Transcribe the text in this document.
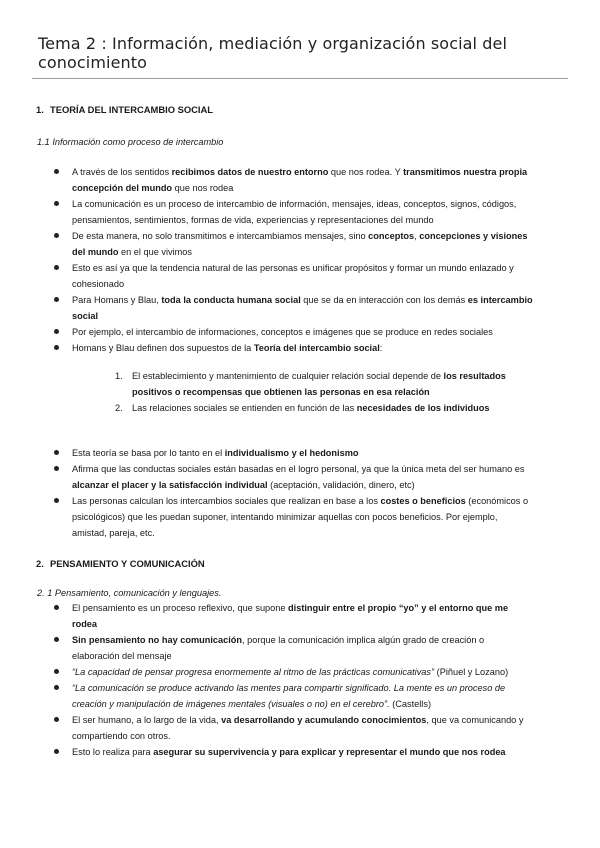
Tema 2 : Información, mediación y organización social del conocimiento
1. TEORÍA DEL INTERCAMBIO SOCIAL
1.1 Información como proceso de intercambio
A través de los sentidos recibimos datos de nuestro entorno que nos rodea. Y transmitimos nuestra propia concepción del mundo que nos rodea
La comunicación es un proceso de intercambio de información, mensajes, ideas, conceptos, signos, códigos, pensamientos, sentimientos, formas de vida, experiencias y representaciones del mundo
De esta manera, no solo transmitimos e intercambiamos mensajes, sino conceptos, concepciones y visiones del mundo en el que vivimos
Esto es así ya que la tendencia natural de las personas es unificar propósitos y formar un mundo enlazado y cohesionado
Para Homans y Blau, toda la conducta humana social que se da en interacción con los demás es intercambio social
Por ejemplo, el intercambio de informaciones, conceptos e imágenes que se produce en redes sociales
Homans y Blau definen dos supuestos de la Teoría del intercambio social:
1. El establecimiento y mantenimiento de cualquier relación social depende de los resultados positivos o recompensas que obtienen las personas en esa relación
2. Las relaciones sociales se entienden en función de las necesidades de los individuos
Esta teoría se basa por lo tanto en el individualismo y el hedonismo
Afirma que las conductas sociales están basadas en el logro personal, ya que la única meta del ser humano es alcanzar el placer y la satisfacción individual (aceptación, validación, dinero, etc)
Las personas calculan los intercambios sociales que realizan en base a los costes o beneficios (económicos o psicológicos) que les puedan suponer, intentando minimizar aquellas con pocos beneficios. Por ejemplo, amistad, pareja, etc.
2. PENSAMIENTO Y COMUNICACIÓN
2. 1 Pensamiento, comunicación y lenguajes.
El pensamiento es un proceso reflexivo, que supone distinguir entre el propio “yo” y el entorno que me rodea
Sin pensamiento no hay comunicación, porque la comunicación implica algún grado de creación o elaboración del mensaje
“La capacidad de pensar progresa enormemente al ritmo de las prácticas comunicativas” (Piñuel y Lozano)
“La comunicación se produce activando las mentes para compartir significado. La mente es un proceso de creación y manipulación de imágenes mentales (visuales o no) en el cerebro”. (Castells)
El ser humano, a lo largo de la vida, va desarrollando y acumulando conocimientos, que va comunicando y compartiendo con otros.
Esto lo realiza para asegurar su supervivencia y para explicar y representar el mundo que nos rodea
